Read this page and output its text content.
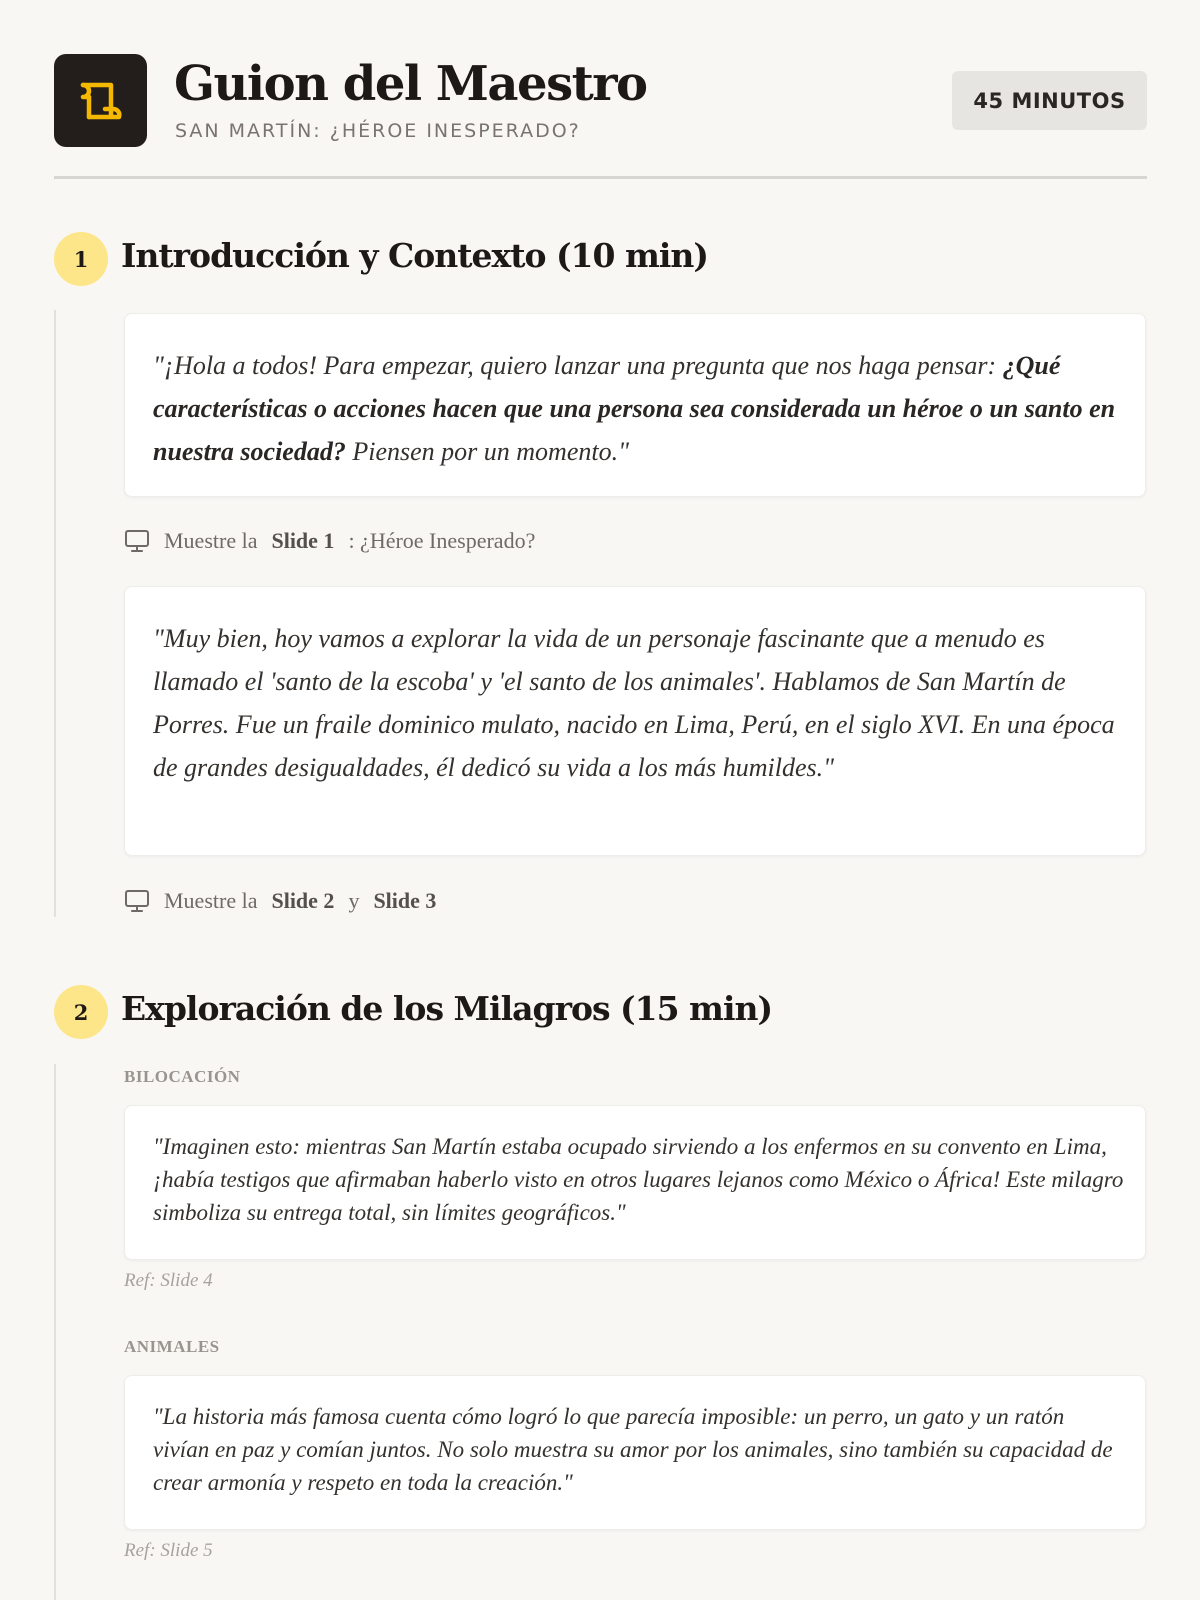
Guion del Maestro
SAN MARTÍN: ¿HÉROE INESPERADO?
45 MINUTOS
1 Introducción y Contexto (10 min)
"¡Hola a todos! Para empezar, quiero lanzar una pregunta que nos haga pensar: ¿Qué características o acciones hacen que una persona sea considerada un héroe o un santo en nuestra sociedad? Piensen por un momento."
Muestre la Slide 1 : ¿Héroe Inesperado?
"Muy bien, hoy vamos a explorar la vida de un personaje fascinante que a menudo es llamado el 'santo de la escoba' y 'el santo de los animales'. Hablamos de San Martín de Porres. Fue un fraile dominico mulato, nacido en Lima, Perú, en el siglo XVI. En una época de grandes desigualdades, él dedicó su vida a los más humildes."
Muestre la Slide 2 y Slide 3
2 Exploración de los Milagros (15 min)
BILOCACIÓN
"Imaginen esto: mientras San Martín estaba ocupado sirviendo a los enfermos en su convento en Lima, ¡había testigos que afirmaban haberlo visto en otros lugares lejanos como México o África! Este milagro simboliza su entrega total, sin límites geográficos."
Ref: Slide 4
ANIMALES
"La historia más famosa cuenta cómo logró lo que parecía imposible: un perro, un gato y un ratón vivían en paz y comían juntos. No solo muestra su amor por los animales, sino también su capacidad de crear armonía y respeto en toda la creación."
Ref: Slide 5
